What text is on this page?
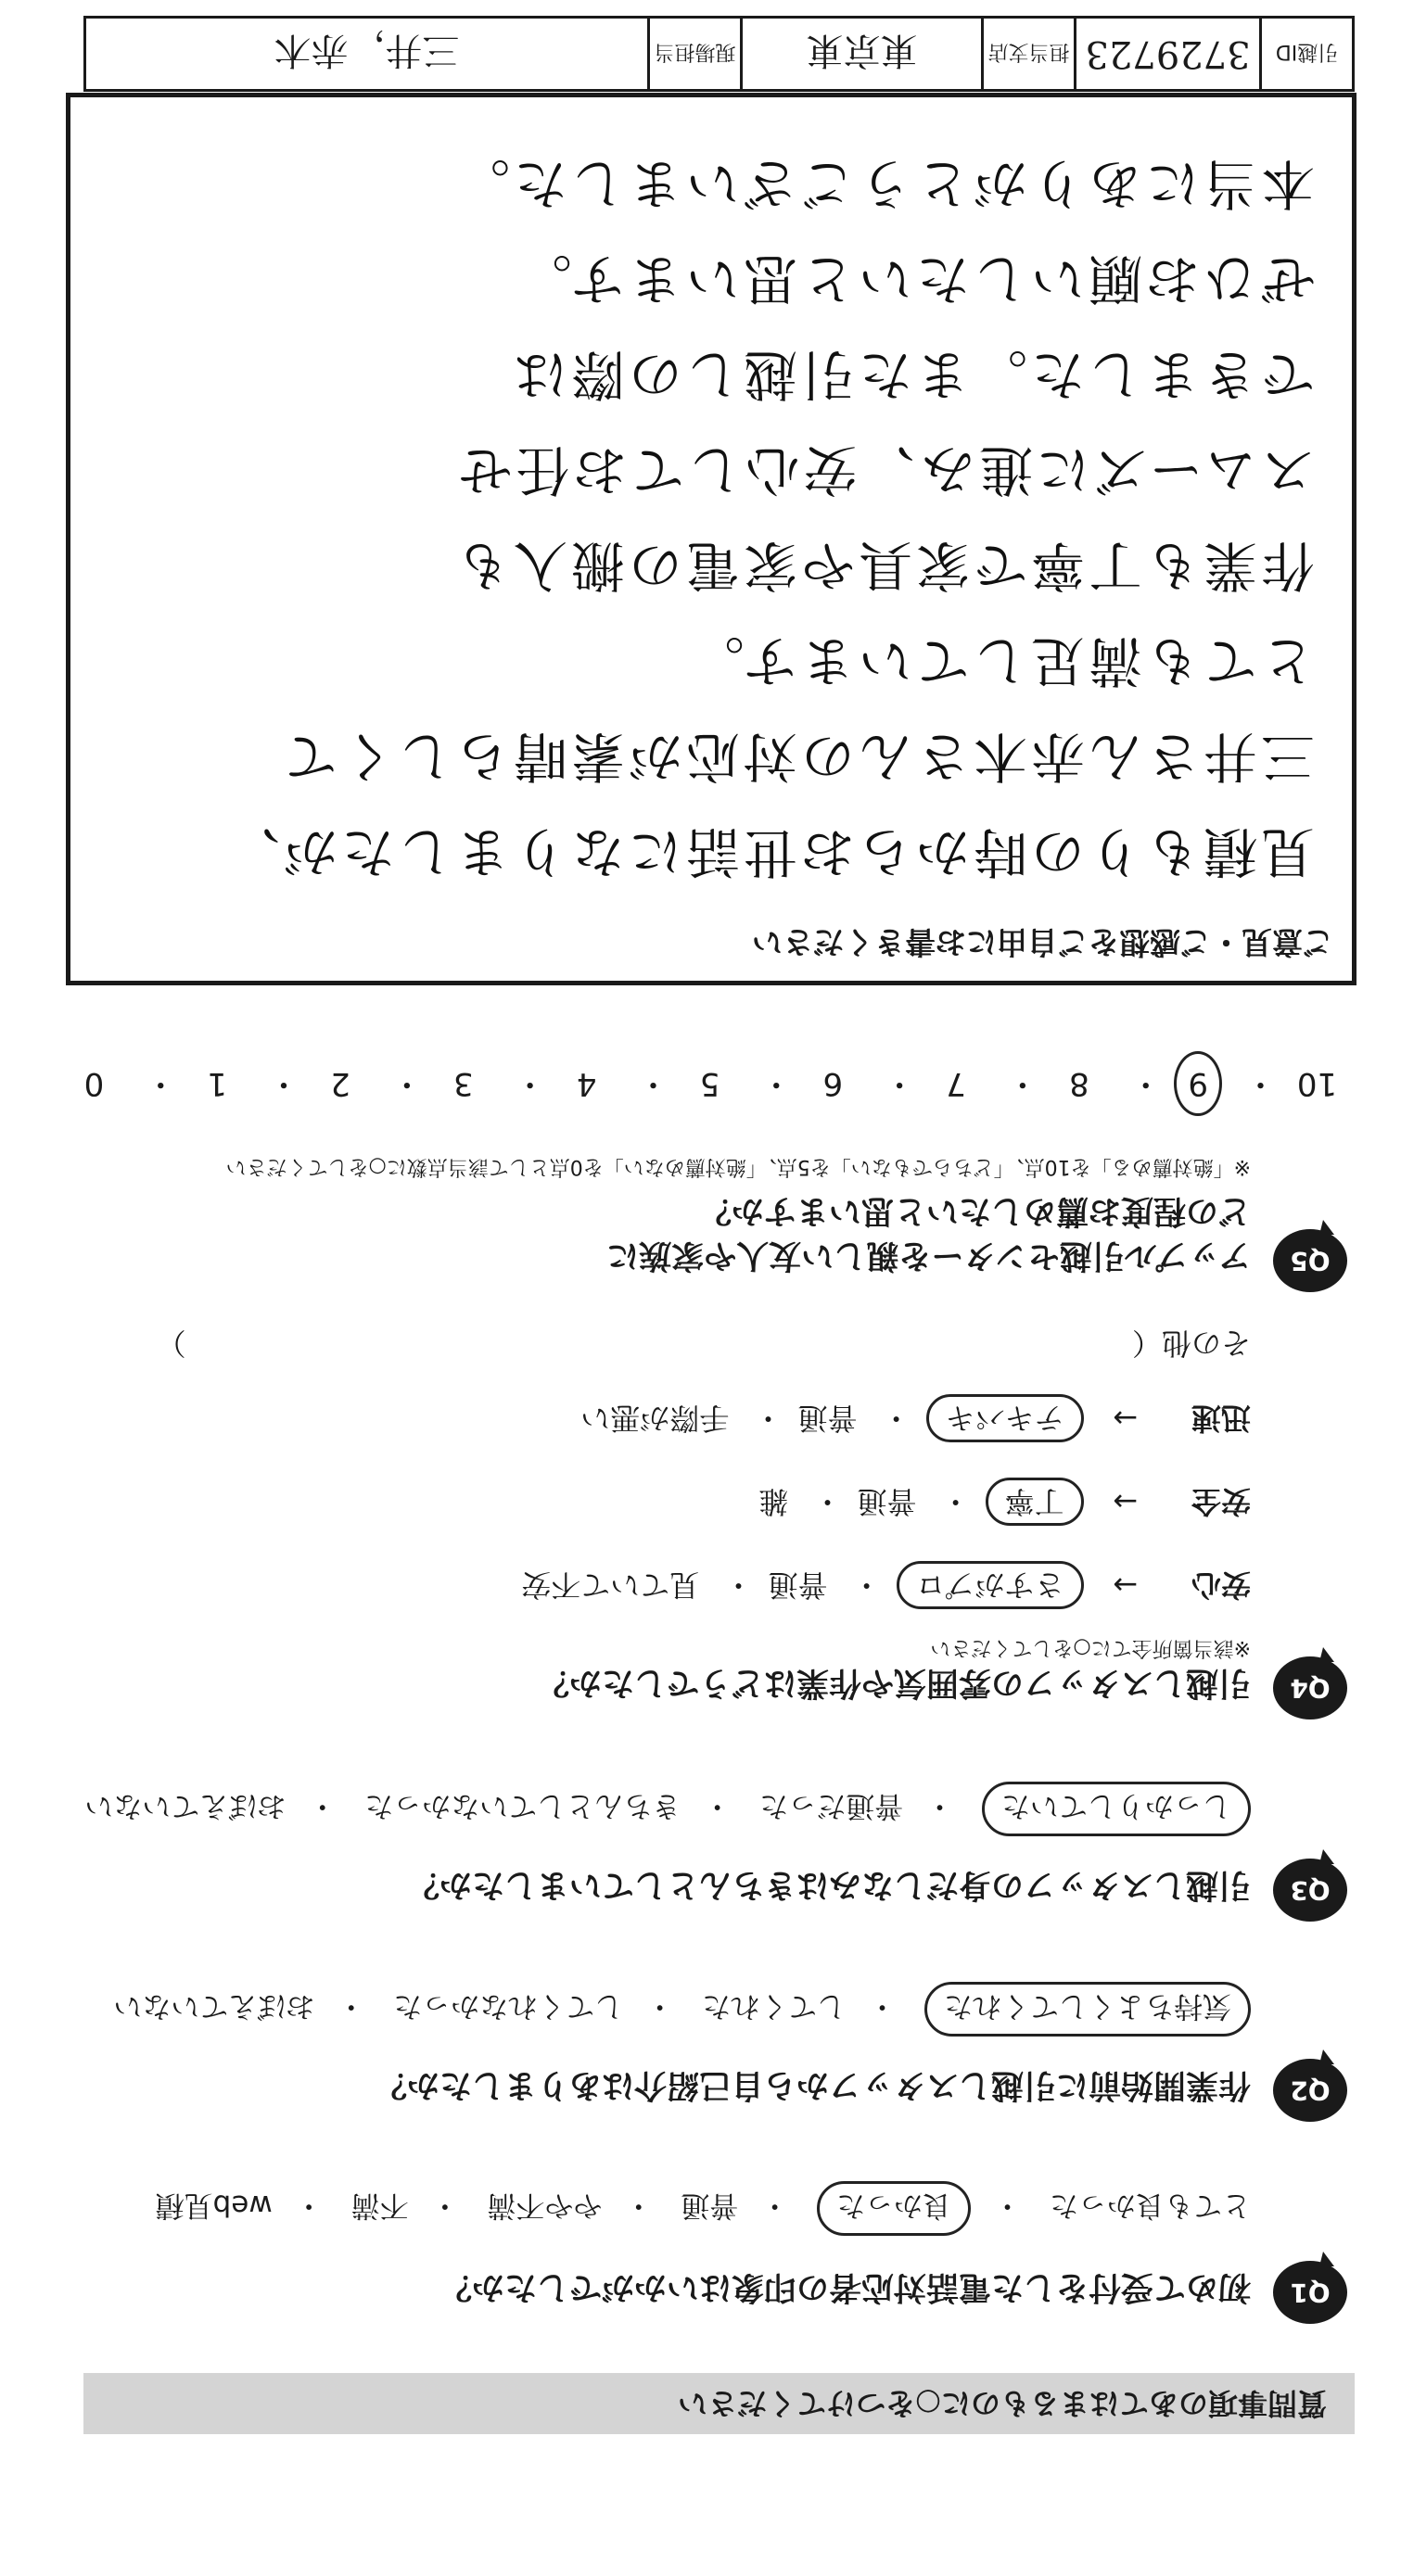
質問事項のあてはまるものに○をつけてください
Q1
初めて受付をした電話対応者の印象はいかがでしたか？
とても良かった・ 良かった・ 普通・ やや不満・ 不満・ web見積
Q2
作業開始前に引越しスタッフから自己紹介はありましたか？
気持ちよくしてくれた・ してくれた・ してくれなかった・ おぼえていない
Q3
引越しスタッフの身だしなみはきちんとしていましたか？
しっかりしていた・ 普通だった・ きちんとしていなかった・ おぼえていない
Q4
引越しスタッフの雰囲気や作業はどうでしたか？
※該当箇所全てに○をしてください
安心 → さすがプロ・ 普通・ 見ていて不安
安全 → 丁寧・ 普通・ 雑
迅速 → テキパキ・ 普通・ 手際が悪い
その他（  ）
Q5
アップル引越センターを親しい友人や家族に
どの程度お薦めしたいと思いますか？
※「絶対薦める」を10点、「どちらでもない」を5点、「絶対薦めない」を0点として該当点数に○をしてください
10・ 9・ 8・ 7・ 6・ 5・ 4・ 3・ 2・ 1・ 0
ご意見・ご感想をご自由にお書きください
見積もりの時からお世話になりましたが、
三井さん赤木さんの対応が素晴らしくて
とても満足しています。
作業も丁寧で家具や家電の搬入も
スムーズに進み、安心してお任せ
できました。また引越しの際は
ぜひお願いしたいと思います。
本当にありがとうございました。
引越ID
3729723
担当支店
東京東
現場担当
三井，赤木
